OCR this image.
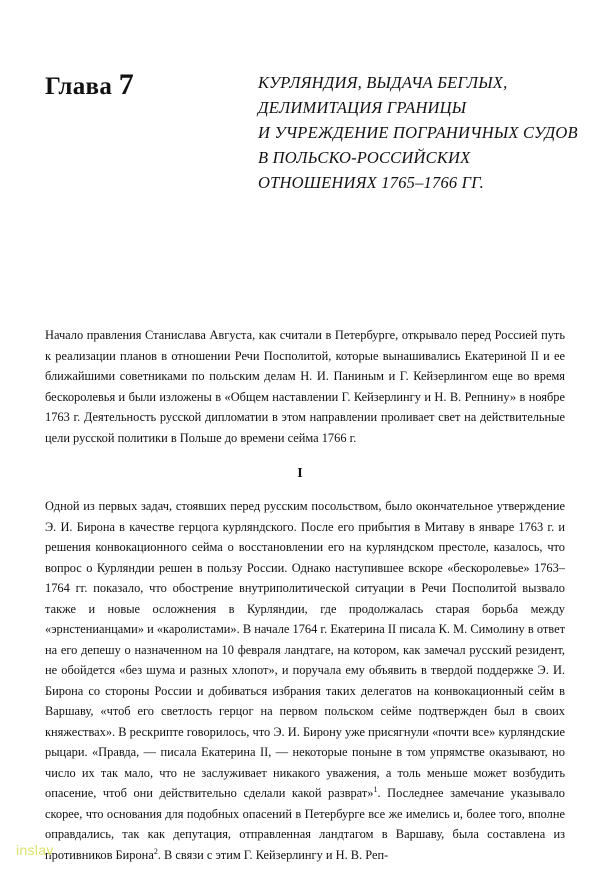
Глава 7	КУРЛЯНДИЯ, ВЫДАЧА БЕГЛЫХ,
ДЕЛИМИТАЦИЯ ГРАНИЦЫ
И УЧРЕЖДЕНИЕ ПОГРАНИЧНЫХ СУДОВ
В ПОЛЬСКО-РОССИЙСКИХ
ОТНОШЕНИЯХ 1765–1766 ГГ.

Начало правления Станислава Августа, как считали в Петербурге, открывало перед Россией путь к реализации планов в отношении Речи Посполитой, которые вынашивались Екатериной II и ее ближайшими советниками по польским делам Н. И. Паниным и Г. Кейзерлингом еще во время бескоролевья и были изложены в «Общем наставлении Г. Кейзерлингу и Н. В. Репнину» в ноябре 1763 г. Деятельность русской дипломатии в этом направлении проливает свет на действительные цели русской политики в Польше до времени сейма 1766 г.

I

Одной из первых задач, стоявших перед русским посольством, было окончательное утверждение Э. И. Бирона в качестве герцога курляндского. После его прибытия в Митаву в январе 1763 г. и решения конвокационного сейма о восстановлении его на курляндском престоле, казалось, что вопрос о Курляндии решен в пользу России. Однако наступившее вскоре «бескоролевье» 1763–1764 гг. показало, что обострение внутриполитической ситуации в Речи Посполитой вызвало также и новые осложнения в Курляндии, где продолжалась старая борьба между «эрнстенианцами» и «каролистами». В начале 1764 г. Екатерина II писала К. М. Симолину в ответ на его депешу о назначенном на 10 февраля ландтаге, на котором, как замечал русский резидент, не обойдется «без шума и разных хлопот», и поручала ему объявить в твердой поддержке Э. И. Бирона со стороны России и добиваться избрания таких делегатов на конвокационный сейм в Варшаву, «чтоб его светлость герцог на первом польском сейме подтвержден был в своих княжествах». В рескрипте говорилось, что Э. И. Бирону уже присягнули «почти все» курляндские рыцари. «Правда, — писала Екатерина II, — некоторые поныне в том упрямстве оказывают, но число их так мало, что не заслуживает никакого уважения, а толь меньше может возбудить опасение, чтоб они действительно сделали какой разврат»$^1$. Последнее замечание указывало скорее, что основания для подобных опасений в Петербурге все же имелись и, более того, вполне оправдались, так как депутация, отправленная ландтагом в Варшаву, была составлена из противников Бирона$^2$. В связи с этим Г. Кейзерлингу и Н. В. Реп-

inslav
